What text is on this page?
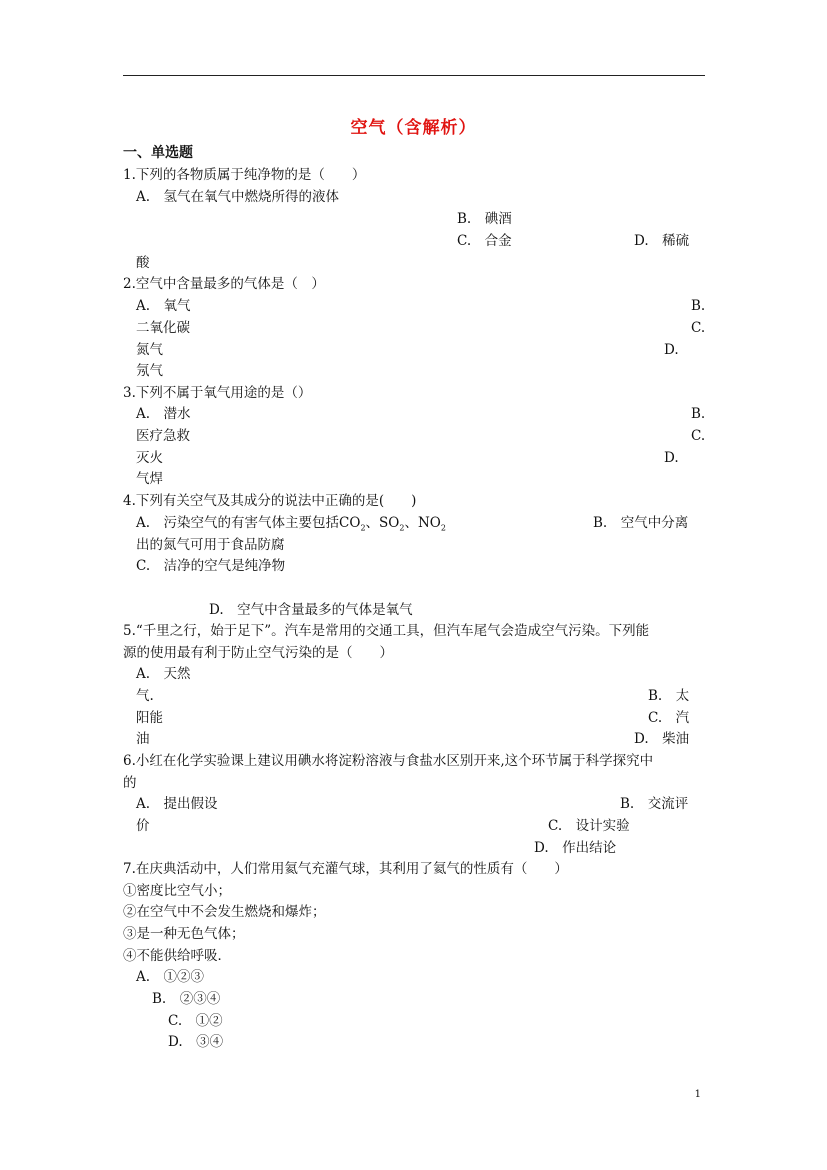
空气（含解析）
一、单选题
1.下列的各物质属于纯净物的是（　　）
A.　氢气在氧气中燃烧所得的液体
B.　碘酒
C.　合金	D.　稀硫
酸
2.空气中含量最多的气体是（　）
A.　氧气	B.
二氧化碳	C.
氮气	D.
氖气
3.下列不属于氧气用途的是（）
A.　潜水	B.
医疗急救	C.
灭火	D.
气焊
4.下列有关空气及其成分的说法中正确的是(　　)
A.　污染空气的有害气体主要包括$CO_2$、$SO_2$、$NO_2$	B.　空气中分离
出的氮气可用于食品防腐
C.　洁净的空气是纯净物
D.　空气中含量最多的气体是氧气
5.“千里之行，始于足下”。汽车是常用的交通工具，但汽车尾气会造成空气污染。下列能
源的使用最有利于防止空气污染的是（　　）
A.　天然
气.	B.　太
阳能	C.　汽
油	D.　柴油
6.小红在化学实验课上建议用碘水将淀粉溶液与食盐水区别开来,这个环节属于科学探究中
的
A.　提出假设	B.　交流评
价	C.　设计实验
D.　作出结论
7.在庆典活动中，人们常用氦气充灌气球，其利用了氦气的性质有（　　）
①密度比空气小；
②在空气中不会发生燃烧和爆炸；
③是一种无色气体；
④不能供给呼吸．
A.　①②③
B.　②③④
C.　①②
D.　③④
1
